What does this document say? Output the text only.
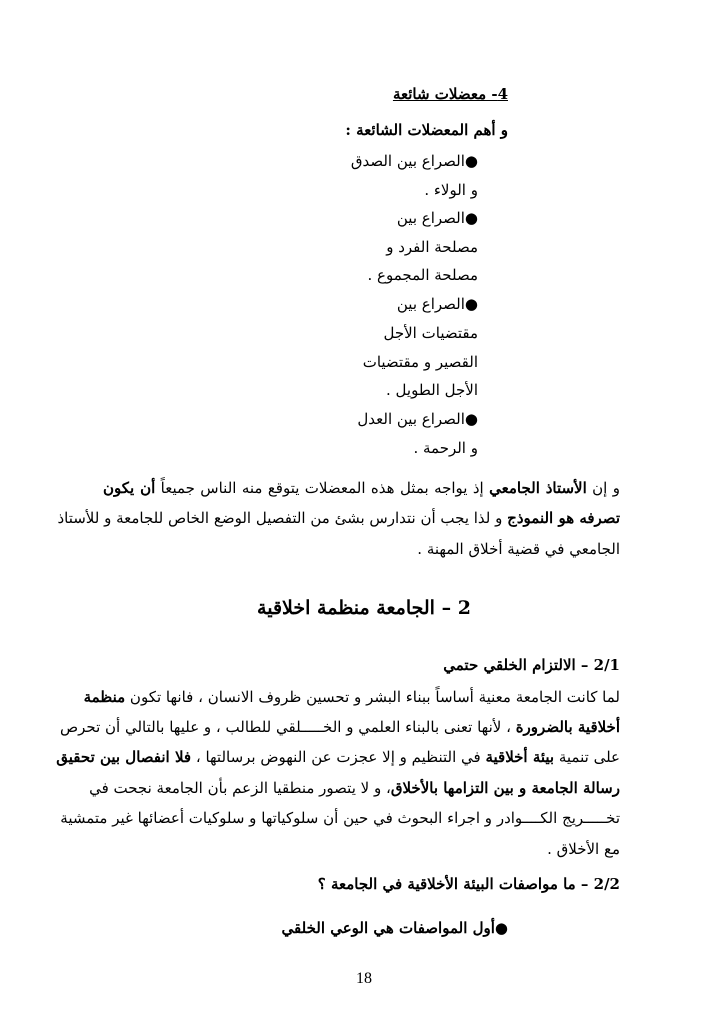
4- معضلات شائعة
و أهم المعضلات الشائعة :
●الصراع بين الصدق
و الولاء .
●الصراع بين
مصلحة الفرد و
مصلحة المجموع .
●الصراع بين
مقتضيات الأجل
القصير و مقتضيات
الأجل الطويل .
●الصراع بين العدل
و الرحمة .
و إن الأستاذ الجامعي إذ يواجه بمثل هذه المعضلات يتوقع منه الناس جميعاً أن يكون
تصرفه هو النموذج و لذا يجب أن نتدارس بشئ من التفصيل الوضع الخاص للجامعة و للأستاذ
الجامعي في قضية أخلاق المهنة .
2 – الجامعة منظمة اخلاقية
2/1 – الالتزام الخلقي حتمي
لما كانت الجامعة معنية أساساً ببناء البشر و تحسين ظروف الانسان ، فانها تكون منظمة
أخلاقية بالضرورة ، لأنها تعنى بالبناء العلمي و الخـــــلقي للطالب ، و عليها بالتالي أن تحرص
على تنمية بيئة أخلاقية في التنظيم و إلا عجزت عن النهوض برسالتها ، فلا انفصال بين تحقيق
رسالة الجامعة و بين التزامها بالأخلاق، و لا يتصور منطقيا الزعم بأن الجامعة نجحت في
تخـــــريج الكــــوادر و اجراء البحوث في حين أن سلوكياتها و سلوكيات أعضائها غير متمشية
مع الأخلاق .
2/2 – ما مواصفات البيئة الأخلاقية في الجامعة ؟
●أول المواصفات هي الوعي الخلقي
18
